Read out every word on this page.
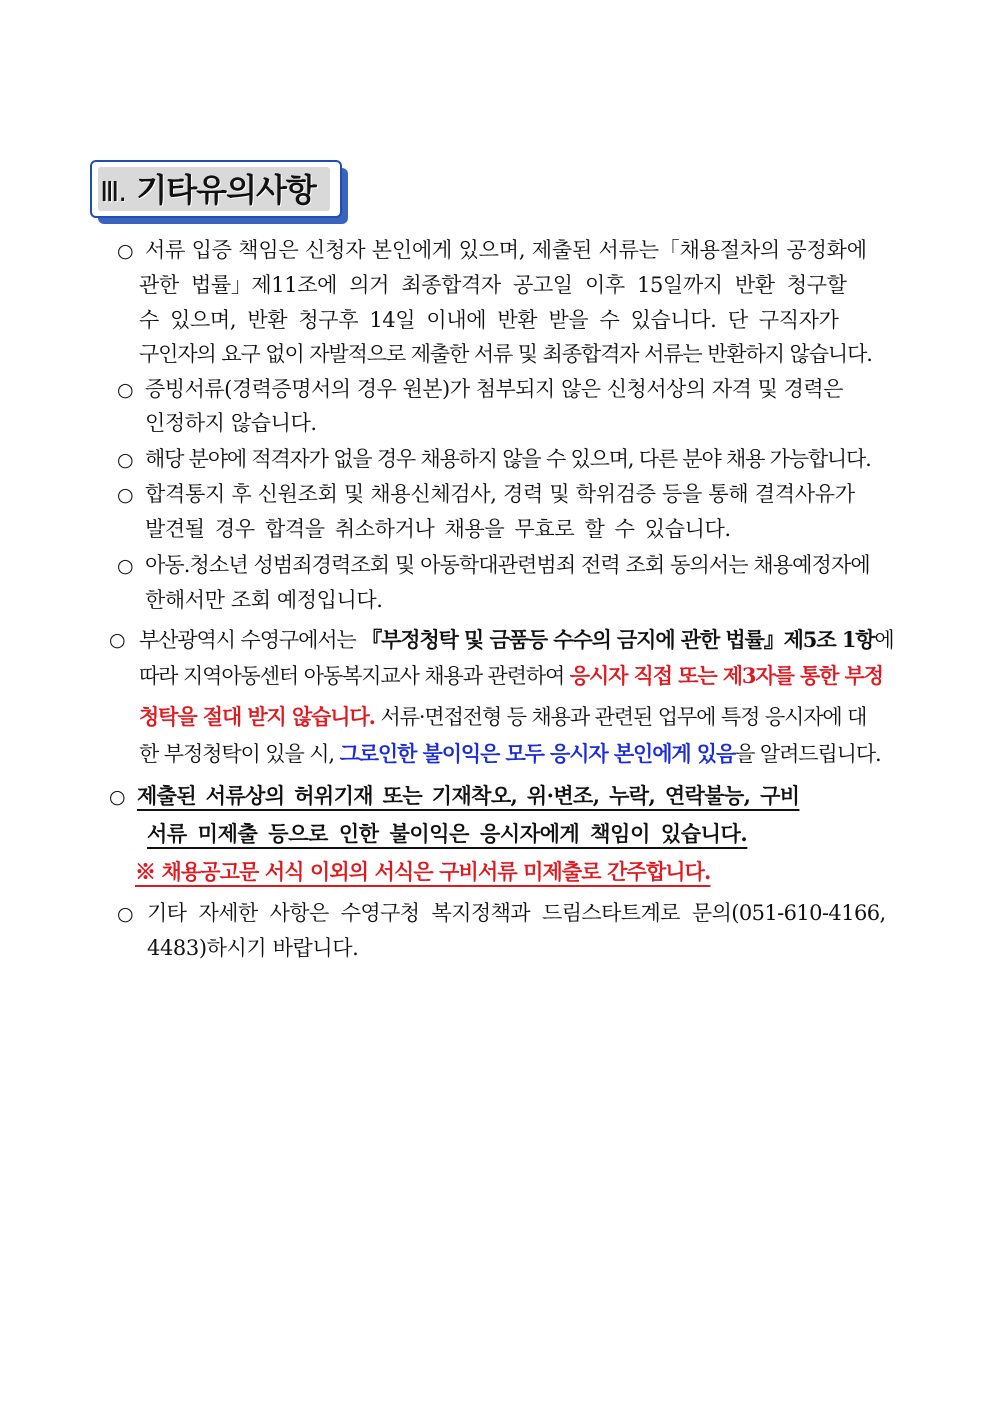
Ⅲ. 기타유의사항
○ 서류 입증 책임은 신청자 본인에게 있으며, 제출된 서류는「채용절차의 공정화에
관한 법률」제11조에 의거 최종합격자 공고일 이후 15일까지 반환 청구할
수 있으며, 반환 청구후 14일 이내에 반환 받을 수 있습니다. 단 구직자가
구인자의 요구 없이 자발적으로 제출한 서류 및 최종합격자 서류는 반환하지 않습니다.
○ 증빙서류(경력증명서의 경우 원본)가 첨부되지 않은 신청서상의 자격 및 경력은
인정하지 않습니다.
○ 해당 분야에 적격자가 없을 경우 채용하지 않을 수 있으며, 다른 분야 채용 가능합니다.
○ 합격통지 후 신원조회 및 채용신체검사, 경력 및 학위검증 등을 통해 결격사유가
발견될 경우 합격을 취소하거나 채용을 무효로 할 수 있습니다.
○ 아동.청소년 성범죄경력조회 및 아동학대관련범죄 전력 조회 동의서는 채용예정자에
한해서만 조회 예정입니다.
○ 부산광역시 수영구에서는 『부정청탁 및 금품등 수수의 금지에 관한 법률』제5조 1항에
따라 지역아동센터 아동복지교사 채용과 관련하여 응시자 직접 또는 제3자를 통한 부정
청탁을 절대 받지 않습니다. 서류·면접전형 등 채용과 관련된 업무에 특정 응시자에 대
한 부정청탁이 있을 시, 그로인한 불이익은 모두 응시자 본인에게 있음을 알려드립니다.
○ 제출된 서류상의 허위기재 또는 기재착오, 위·변조, 누락, 연락불능, 구비
서류 미제출 등으로 인한 불이익은 응시자에게 책임이 있습니다.
※ 채용공고문 서식 이외의 서식은 구비서류 미제출로 간주합니다.
○ 기타 자세한 사항은 수영구청 복지정책과 드림스타트계로 문의(051-610-4166,
4483)하시기 바랍니다.
